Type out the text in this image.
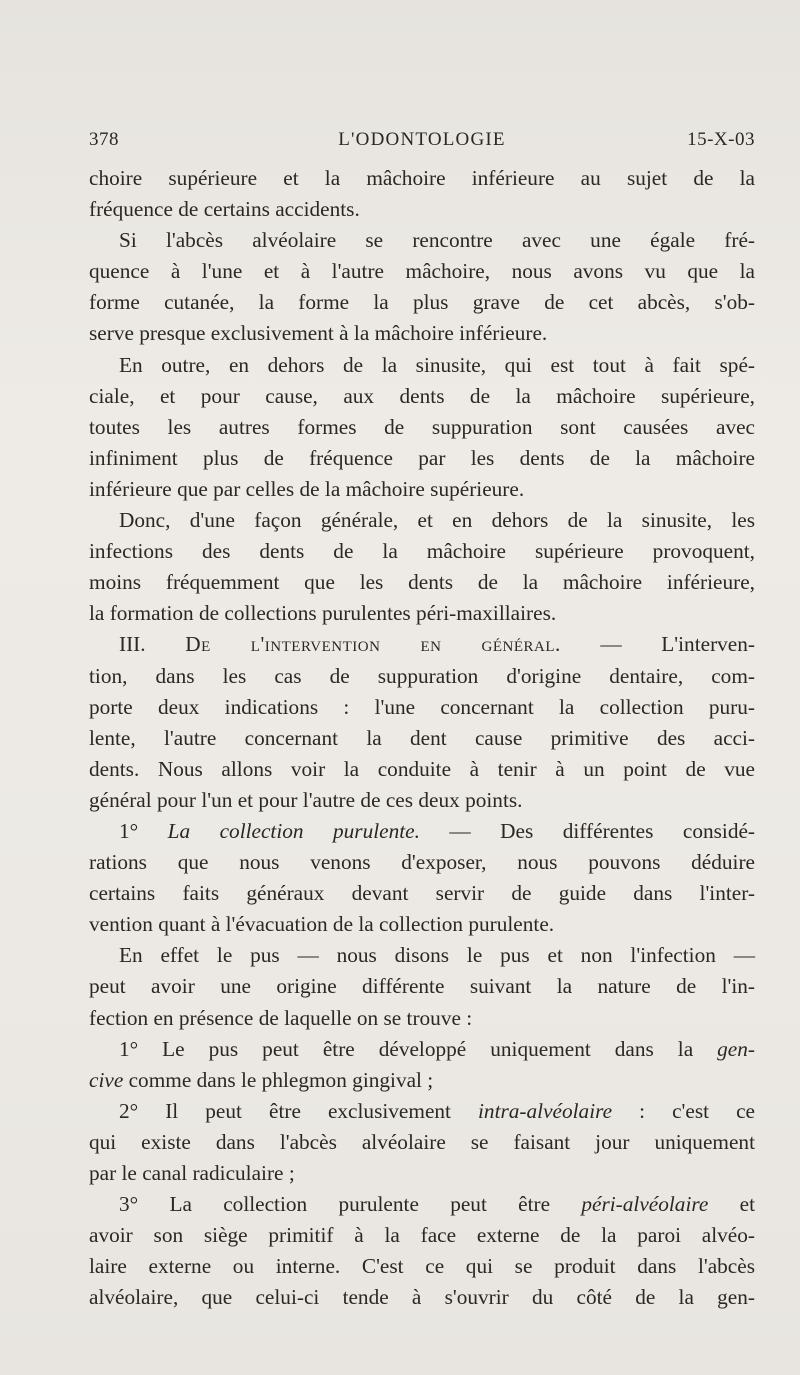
378	L'ODONTOLOGIE	15-X-03
choire supérieure et la mâchoire inférieure au sujet de la
fréquence de certains accidents.
Si l'abcès alvéolaire se rencontre avec une égale fré-
quence à l'une et à l'autre mâchoire, nous avons vu que la
forme cutanée, la forme la plus grave de cet abcès, s'ob-
serve presque exclusivement à la mâchoire inférieure.
En outre, en dehors de la sinusite, qui est tout à fait spé-
ciale, et pour cause, aux dents de la mâchoire supérieure,
toutes les autres formes de suppuration sont causées avec
infiniment plus de fréquence par les dents de la mâchoire
inférieure que par celles de la mâchoire supérieure.
Donc, d'une façon générale, et en dehors de la sinusite, les
infections des dents de la mâchoire supérieure provoquent,
moins fréquemment que les dents de la mâchoire inférieure,
la formation de collections purulentes péri-maxillaires.
III. De l'intervention en général. — L'interven-
tion, dans les cas de suppuration d'origine dentaire, com-
porte deux indications : l'une concernant la collection puru-
lente, l'autre concernant la dent cause primitive des acci-
dents. Nous allons voir la conduite à tenir à un point de vue
général pour l'un et pour l'autre de ces deux points.
1° La collection purulente. — Des différentes considé-
rations que nous venons d'exposer, nous pouvons déduire
certains faits généraux devant servir de guide dans l'inter-
vention quant à l'évacuation de la collection purulente.
En effet le pus — nous disons le pus et non l'infection —
peut avoir une origine différente suivant la nature de l'in-
fection en présence de laquelle on se trouve :
1° Le pus peut être développé uniquement dans la gen-
cive comme dans le phlegmon gingival ;
2° Il peut être exclusivement intra-alvéolaire : c'est ce
qui existe dans l'abcès alvéolaire se faisant jour uniquement
par le canal radiculaire ;
3° La collection purulente peut être péri-alvéolaire et
avoir son siège primitif à la face externe de la paroi alvéo-
laire externe ou interne. C'est ce qui se produit dans l'abcès
alvéolaire, que celui-ci tende à s'ouvrir du côté de la gen-
